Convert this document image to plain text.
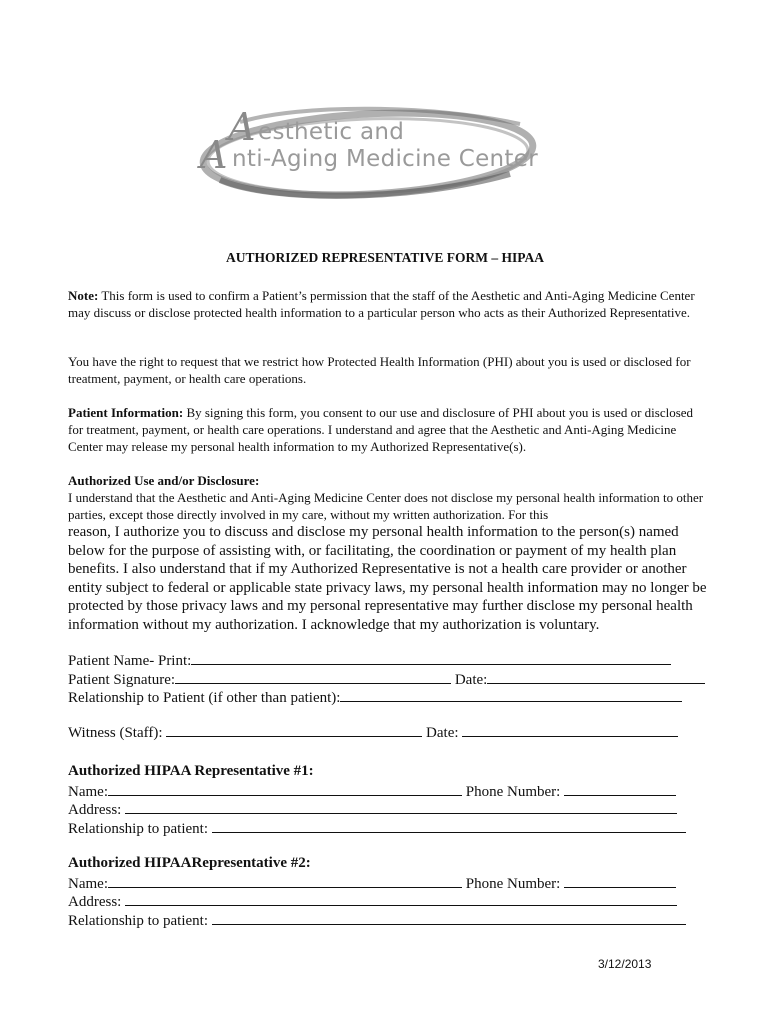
A
A
esthetic and
nti-Aging Medicine Center
AUTHORIZED REPRESENTATIVE FORM – HIPAA

Note: This form is used to confirm a Patient’s permission that the staff of the Aesthetic and Anti-Aging Medicine Center may discuss or disclose protected health information to a particular person who acts as their Authorized Representative.

You have the right to request that we restrict how Protected Health Information (PHI) about you is used or disclosed for treatment, payment, or health care operations.

Patient Information: By signing this form, you consent to our use and disclosure of PHI about you is used or disclosed for treatment, payment, or health care operations. I understand and agree that the Aesthetic and Anti-Aging Medicine Center may release my personal health information to my Authorized Representative(s).

Authorized Use and/or Disclosure:

I understand that the Aesthetic and Anti-Aging Medicine Center does not disclose my personal health information to other parties, except those directly involved in my care, without my written authorization. For this

reason, I authorize you to discuss and disclose my personal health information to the person(s) named below for the purpose of assisting with, or facilitating, the coordination or payment of my health plan benefits. I also understand that if my Authorized Representative is not a health care provider or another entity subject to federal or applicable state privacy laws, my personal health information may no longer be protected by those privacy laws and my personal representative may further disclose my personal health information without my authorization. I acknowledge that my authorization is voluntary.

Patient Name- Print:
Patient Signature:	Date:
Relationship to Patient (if other than patient):
Witness (Staff):	Date:
Authorized HIPAA Representative #1:
Name:	Phone Number:
Address:
Relationship to patient:
Authorized HIPAARepresentative #2:
Name:	Phone Number:
Address:
Relationship to patient:
3/12/2013
